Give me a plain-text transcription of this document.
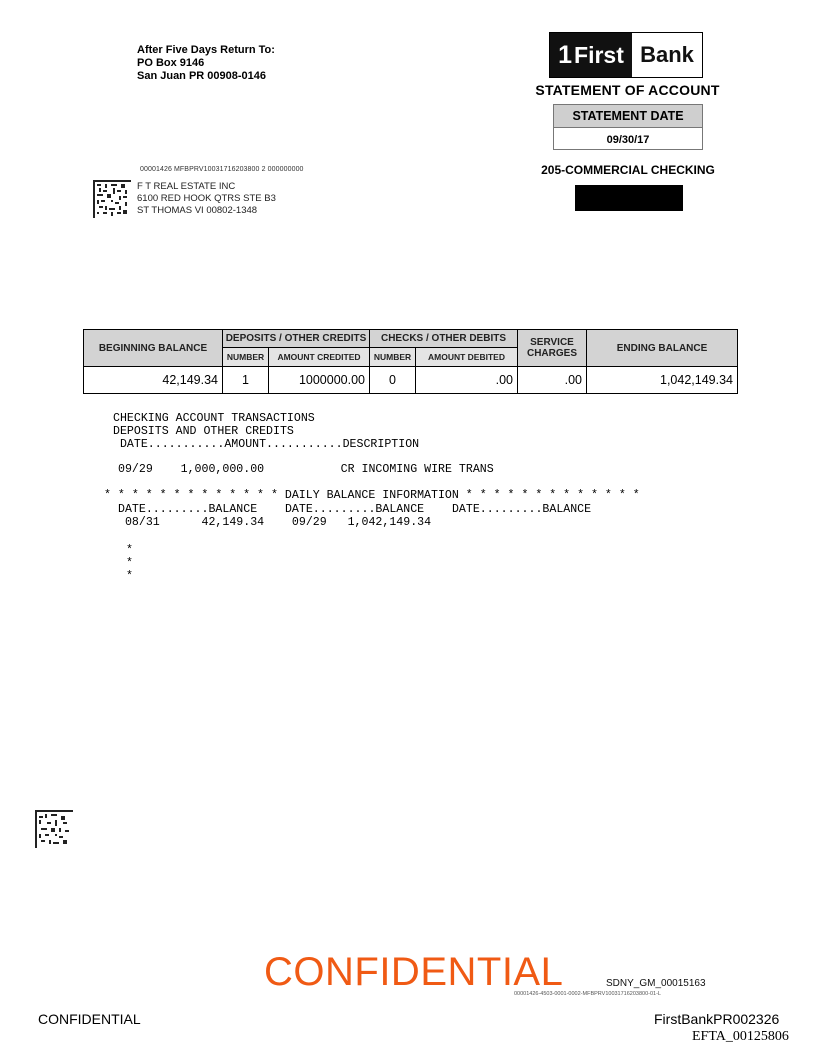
After Five Days Return To:
PO Box 9146
San Juan PR 00908-0146
1 First Bank
STATEMENT OF ACCOUNT
STATEMENT DATE
09/30/17
205-COMMERCIAL CHECKING
00001426 MFBPRV10031716203800 2 000000000
F T REAL ESTATE INC
6100 RED HOOK QTRS STE B3
ST THOMAS VI 00802-1348
BEGINNING BALANCE	DEPOSITS / OTHER CREDITS		CHECKS / OTHER DEBITS		SERVICE CHARGES	ENDING BALANCE
	NUMBER	AMOUNT CREDITED	NUMBER	AMOUNT DEBITED		
42,149.34	1	1000000.00	0	.00	.00	1,042,149.34
CHECKING ACCOUNT TRANSACTIONS
DEPOSITS AND OTHER CREDITS
DATE...........AMOUNT...........DESCRIPTION
09/29    1,000,000.00           CR INCOMING WIRE TRANS
* * * * * * * * * * * * * DAILY BALANCE INFORMATION * * * * * * * * * * * * *
DATE.........BALANCE    DATE.........BALANCE    DATE.........BALANCE
08/31      42,149.34    09/29   1,042,149.34
*
*
*
CONFIDENTIAL	SDNY_GM_00015163
00001426-4503-0001-0002-MFBPRV10031716203800-01-L
CONFIDENTIAL	FirstBankPR002326
EFTA_00125806
